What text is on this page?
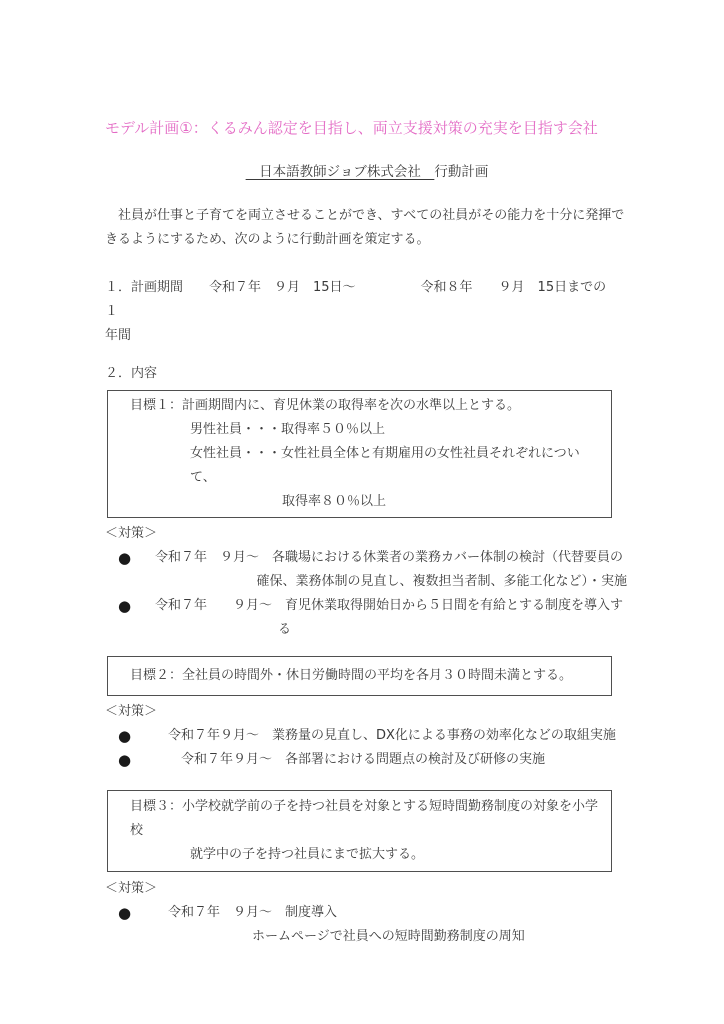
モデル計画①：くるみん認定を目指し、両立支援対策の充実を目指す会社
　日本語教師ジョブ株式会社　行動計画
　社員が仕事と子育てを両立させることができ、すべての社員がその能力を十分に発揮で
きるようにするため、次のように行動計画を策定する。
１．計画期間　　令和７年　９月　15日～　　　　　令和８年　　９月　15日までの　１
年間
２．内容
目標１：計画期間内に、育児休業の取得率を次の水準以上とする。
男性社員・・・取得率５０％以上
女性社員・・・女性社員全体と有期雇用の女性社員それぞれについて、
取得率８０％以上
＜対策＞
●	令和７年　９月～　各職場における休業者の業務カバー体制の検討（代替要員の
確保、業務体制の見直し、複数担当者制、多能工化など）・実施
●	令和７年　　９月～　育児休業取得開始日から５日間を有給とする制度を導入す
る
目標２：全社員の時間外・休日労働時間の平均を各月３０時間未満とする。
＜対策＞
●	　令和７年９月～　業務量の見直し、DX化による事務の効率化などの取組実施
●	　　令和７年９月～　各部署における問題点の検討及び研修の実施
目標３：小学校就学前の子を持つ社員を対象とする短時間勤務制度の対象を小学校
就学中の子を持つ社員にまで拡大する。
＜対策＞
●	　令和７年　９月～　制度導入
ホームページで社員への短時間勤務制度の周知
